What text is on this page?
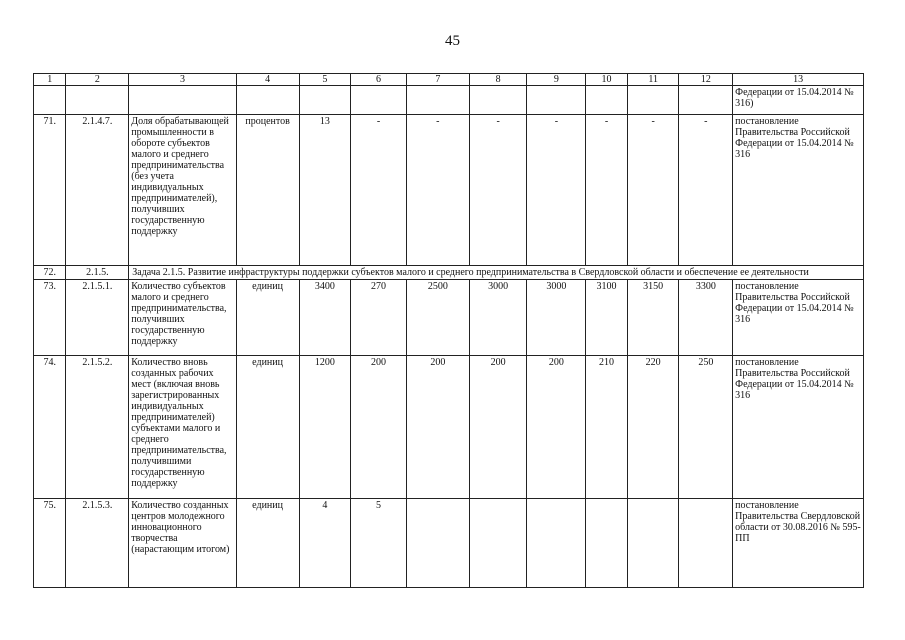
45
1	2	3	4	5	6	7	8	9	10	11	12	13
												Федерации от 15.04.2014 № 316)
71.	2.1.4.7.	Доля обрабатывающей промышленности в обороте субъектов малого и среднего предпринимательства (без учета индивидуальных предпринимателей), получивших государственную поддержку	процентов	13	-	-	-	-	-	-	-	постановление Правительства Российской Федерации от 15.04.2014 № 316
72.	2.1.5.	Задача 2.1.5. Развитие инфраструктуры поддержки субъектов малого и среднего предпринимательства в Свердловской области и обеспечение ее деятельности										
73.	2.1.5.1.	Количество субъектов малого и среднего предпринимательства, получивших государственную поддержку	единиц	3400	270	2500	3000	3000	3100	3150	3300	постановление Правительства Российской Федерации от 15.04.2014 № 316
74.	2.1.5.2.	Количество вновь созданных рабочих мест (включая вновь зарегистрированных индивидуальных предпринимателей) субъектами малого и среднего предпринимательства, получившими государственную поддержку	единиц	1200	200	200	200	200	210	220	250	постановление Правительства Российской Федерации от 15.04.2014 № 316
75.	2.1.5.3.	Количество созданных центров молодежного инновационного творчества (нарастающим итогом)	единиц	4	5							постановление Правительства Свердловской области от 30.08.2016 № 595-ПП
